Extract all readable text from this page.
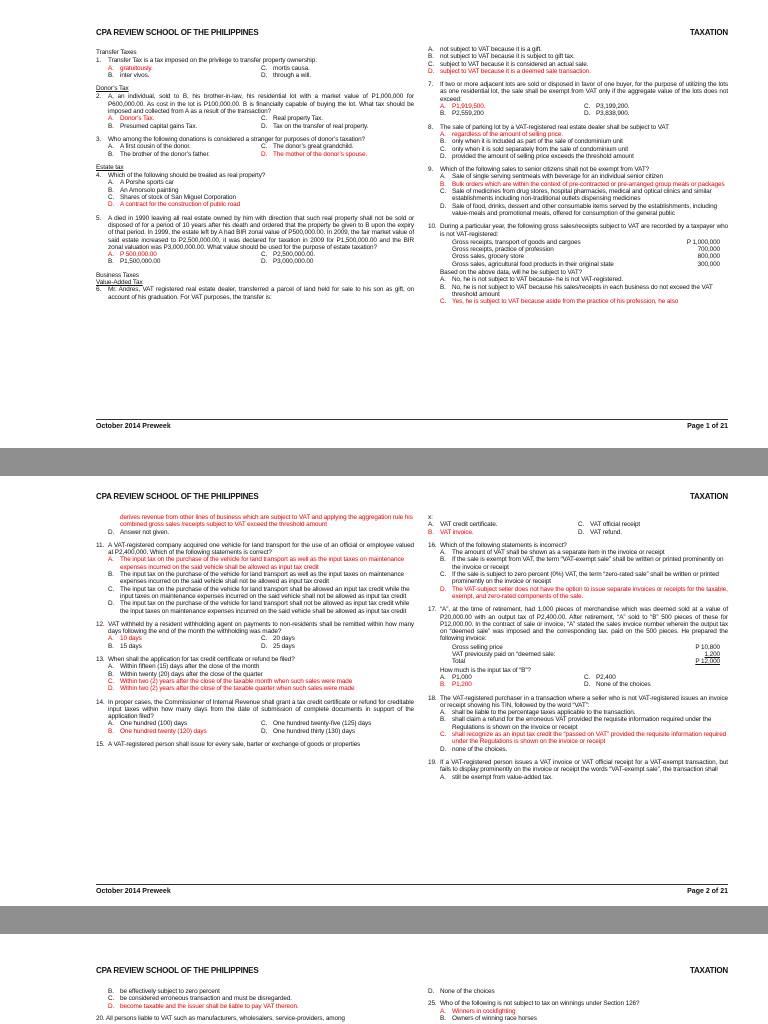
CPA REVIEW SCHOOL OF THE PHILIPPINES	TAXATION
Transfer Taxes
1.	Transfer Tax is a tax imposed on the privilege to transfer property ownership:
A. gratuitously.	C. mortis causa.
B. inter vivos.	D. through a will.
Donor’s Tax
2.	A, an individual, sold to B, his brother-in-law, his residential lot with a market value of P1,000,000 for P600,000.00. As cost in the lot is P100,000.00. B is financially capable of buying the lot. What tax should be imposed and collected from A as a result of the transaction?
A. Donor’s Tax.	C. Real property Tax.
B. Presumed capital gains Tax.	D. Tax on the transfer of real property.
3.	Who among the following donations is considered a stranger for purposes of donor’s taxation?
A. A first cousin of the donor.	C. The donor’s great grandchild.
B. The brother of the donor’s father.	D. The mother of the donor’s spouse.
Estate tax
4.	Which of the following should be treated as real property?
A. A Porshe sports car
B. An Amorsolo painting
C. Shares of stock of San Miguel Corporation
D. A contract for the construction of public road
5.	A died in 1990 leaving all real estate owned by him with direction that such real property shall not be sold or disposed of for a period of 10 years after his death and ordered that the property be given to B upon the expiry of that period. In 1999, the estate left by A had BIR zonal value of P500,000.00. In 2009, the fair market value of said estate increased to P2,500,000.00, it was declared for taxation in 2009 for P1,500,000.00 and the BIR zonal valuation was P3,000,000.00. What value should be used for the purpose of estate taxation?
A. P 500,000.00	C. P2,500,000.00.
B. P1,500,000.00	D. P3,000,000.00
Business Taxes
Value-Added Tax
6.	Mr. Andres, VAT registered real estate dealer, transferred a parcel of land held for sale to his son as gift, on account of his graduation. For VAT purposes, the transfer is:
A. not subject to VAT because it is a gift.
B. not subject to VAT because it is subject to gift tax.
C. subject to VAT because it is considered an actual sale.
D. subject to VAT because it is a deemed sale transaction.
7.	If two or more adjacent lots are sold or disposed in favor of one buyer, for the purpose of utilizing the lots as one residential lot, the sale shall be exempt from VAT only if the aggregate value of the lots does not exceed:
A. P1,919,500.	C. P3,199,200.
B. P2,559,200	D. P3,838,900.
8.	The sale of parking lot by a VAT-registered real estate dealer shall be subject to VAT
A. regardless of the amount of selling price.
B. only when it is included as part of the sale of condominium unit
C. only when it is sold separately from the sale of condominium unit
D. provided the amount of selling price exceeds the threshold amount
9.	Which of the following sales to senior citizens shall not be exempt from VAT?
A. Sale of single serving sentmeals with beverage for an individual senior citizen
B. Bulk orders which are within the context of pre-contracted or pre-arranged group meals or packages
C. Sale of medicines from drug stores, hospital pharmacies, medical and optical clinics and similar establishments including non-traditional outlets dispensing medicines
D. Sale of food, drinks, dessert and other consumable items served by the establishments, including value-meals and promotional meals, offered for consumption of the general public
10. During a particular year, the following gross sales/receipts subject to VAT are recorded by a taxpayer who is not VAT-registered:
Gross receipts, transport of goods and cargoes	P 1,000,000
Gross receipts, practice of profession	700,000
Gross sales, grocery store	800,000
Gross sales, agricultural food products in their original state	300,000
Based on the above data, will he be subject to VAT?
A. No, he is not subject to VAT because- he is not VAT-registered.
B. No, he is not subject to VAT because his sales/receipts in each business do not exceed the VAT threshold amount
C. Yes, he is subject to VAT because aside from the practice of his profession, he also
October 2014 Preweek	Page 1 of 21
CPA REVIEW SCHOOL OF THE PHILIPPINES	TAXATION
derives revenue from other lines of business which are subject to VAT and applying the aggregation rule his combined gross sales /receipts subject to VAT exceed the threshold amount
D. Answer not given.
11. A VAT-registered company acquired one vehicle for land transport for the use of an official or employee valued at P2,400,000. Which of the following statements is correct?
A. The input tax on the purchase of the vehicle for land transport as well as the input taxes on maintenance expenses incurred on the said vehicle shall be allowed as input tax credit
B. The input tax on the purchase of the vehicle for land transport as well as the input taxes on maintenance expenses incurred on the said vehicle shall not be allowed as input tax credit
C. The input tax on the purchase of the vehicle for land transport shall be allowed an input tax credit while the input taxes on maintenance expenses incurred on the said vehicle shall not be allowed as input tax credit
D. The input tax on the purchase of the vehicle for land transport shall not be allowed as input tax credit while the input taxes on maintenance expenses incurred on the said vehicle shall be allowed as input tax credit
12. VAT withheld by a resident withholding agent on payments to non-residents shall be remitted within how many days following the end of the month the withholding was made?
A. 10 days	C. 20 days
B. 15 days	D. 25 days
13. When shall the application for tax credit certificate or refund be filed?
A. Within fifteen (15) days after the close of the month
B. Within twenty (20) days after the close of the quarter
C. Within two (2) years after the close of the taxable month when such sales were made
D. Within two (2) years after the close of the taxable quarter when such sales were made
14. In proper cases, the Commissioner of Internal Revenue shall grant a tax credit certificate or refund for creditable input taxes within how many days from the date of submission of complete documents in support of the application filed?
A. One hundred (100) days	C. One hundred twenty-five (125) days
B. One hundred twenty (120) days	D. One hundred thirty (130) days
15. A VAT-registered person shall issue for every sale, barter or exchange of goods or properties
x:
A. VAT credit certificate.	C. VAT official receipt
B. VAT invoice.	D. VAT refund.
16. Which of the following statements is incorrect?
A. The amount of VAT shall be shown as a separate item in the invoice or receipt
B. If the sale is exempt from VAT, the term “VAT-exempt sale” shall be written or printed prominently on the invoice or receipt
C. If the sale is subject to zero percent (0%) VAT, the term “zero-rated sale” shall be written or printed prominently on the invoice or receipt
D. The VAT-subject seller does not have the option to issue separate invoices or receipts for the taxable, exempt, and zero-rated components of the sale.
17. “A”, at the time of retirement, had 1,000 pieces of merchandise which was deemed sold at a value of P20,000.00 with an output tax of P2,400.00. After retirement, “A” sold to “B” 500 pieces of these for P12,000.00. In the contract of sale or invoice, “A” stated the sales invoice number wherein the output tax on “deemed sale” was imposed and the corresponding tax. paid on the 500 pieces. He prepared the following invoice:
Gross selling price	P 10,800
VAT previously paid on “deemed sale:	1,200
Total	P 12,000
How much is the input tax of “B”?
A. P1,000	C. P2,400
B. P1,200	D. None of the choices
18. The VAT-registered purchaser in a transaction where a seller who is not VAT-registered issues an invoice or receipt showing his TIN, followed by the word “VAT”:
A. shall be liable to the percentage taxes applicable to the transaction.
B. shall claim a refund for the erroneous VAT provided the requisite information required under the Regulations is shown on the invoice or receipt
C. shall recognize as an input tax credit the “passed on VAT” provided the requisite information required under the Regulations is shown on the invoice or receipt
D. none of the choices.
19. If a VAT-registered person issues a VAT invoice or VAT official receipt for a VAT-exempt transaction, but fails to display prominently on the invoice or receipt the words “VAT-exempt sale”, the transaction shall
A. still be exempt from value-added tax.
October 2014 Preweek	Page 2 of 21
CPA REVIEW SCHOOL OF THE PHILIPPINES	TAXATION
B. be effectively subject to zero percent
C. be considered erroneous transaction and must be disregarded.
D. become taxable and the issuer shall be liable to pay VAT thereon.
20. All persons liable to VAT such as manufacturers, wholesalers, service-providers, among
D. None of the choices
25. Who of the following is not subject to tax on winnings under Section 126?
A. Winners in cockfighting
B. Owners of winning race horses
